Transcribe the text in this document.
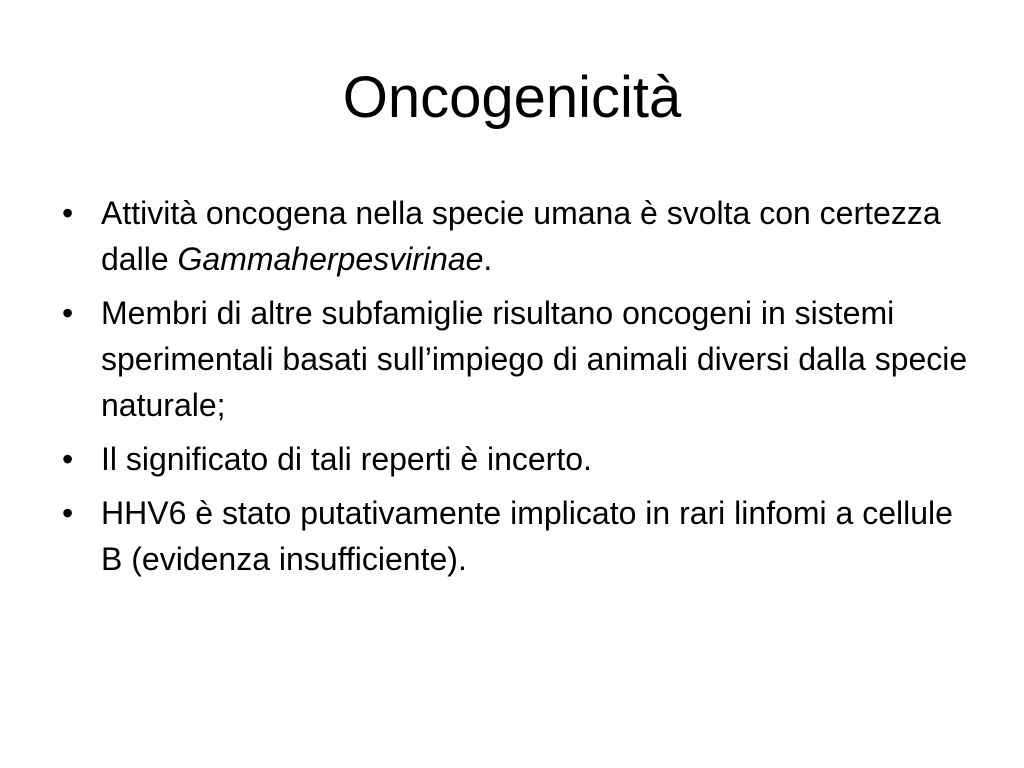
Oncogenicità
• Attività oncogena nella specie umana è svolta con certezza dalle Gammaherpesvirinae.
• Membri di altre subfamiglie risultano oncogeni in sistemi sperimentali basati sull’impiego di animali diversi dalla specie naturale;
• Il significato di tali reperti è incerto.
• HHV6 è stato putativamente implicato in rari linfomi a cellule B (evidenza insufficiente).
